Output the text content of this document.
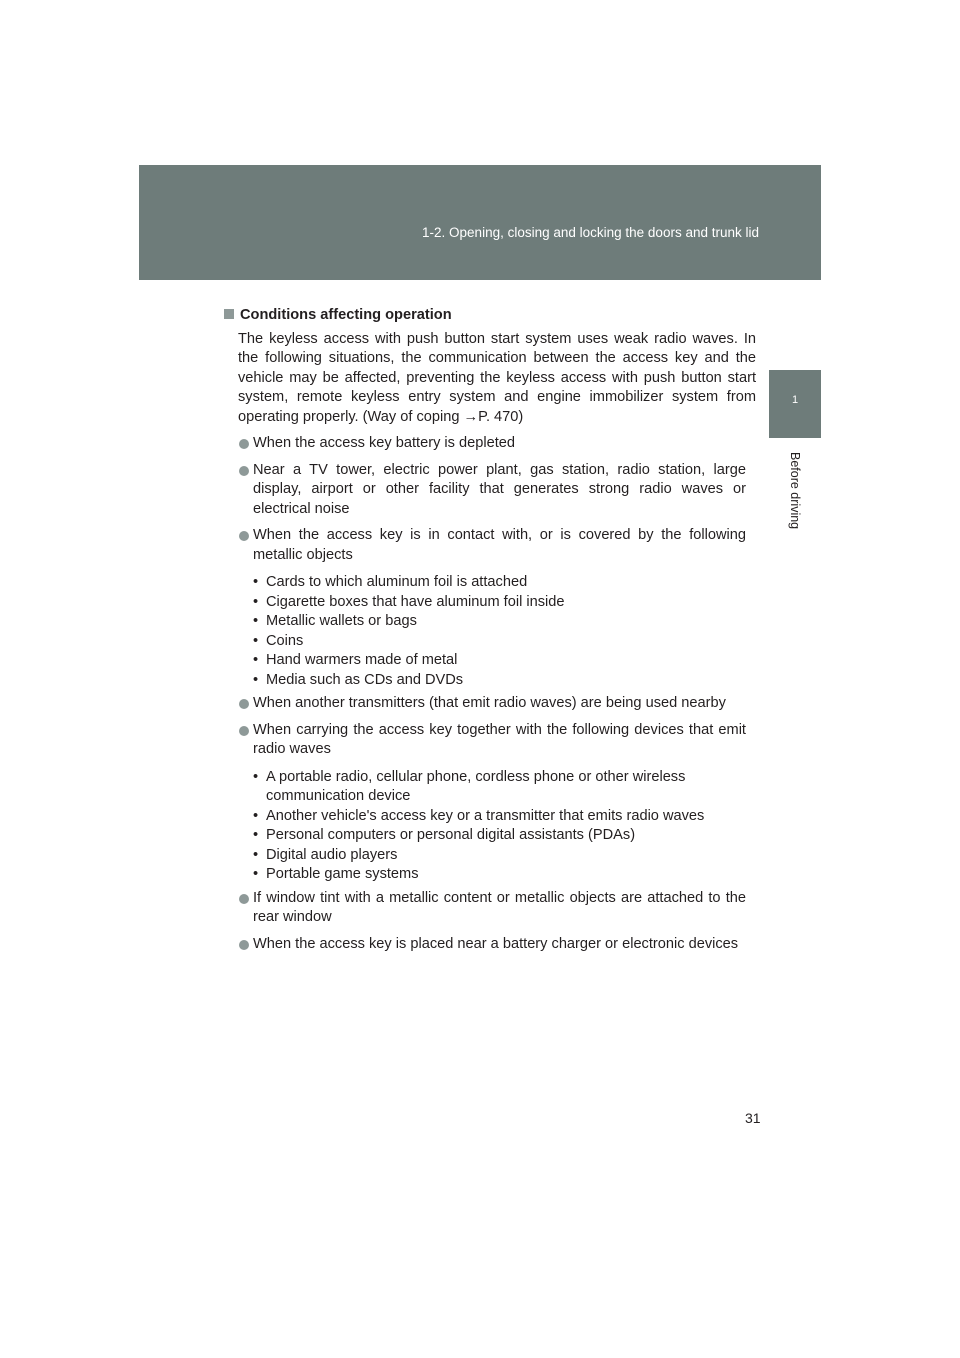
1-2. Opening, closing and locking the doors and trunk lid
1
Before driving
Conditions affecting operation

The keyless access with push button start system uses weak radio waves. In the following situations, the communication between the access key and the vehicle may be affected, preventing the keyless access with push button start system, remote keyless entry system and engine immobilizer system from operating properly. (Way of coping →P. 470)

When the access key battery is depleted
Near a TV tower, electric power plant, gas station, radio station, large display, airport or other facility that generates strong radio waves or electrical noise
When the access key is in contact with, or is covered by the following metallic objects
• Cards to which aluminum foil is attached
• Cigarette boxes that have aluminum foil inside
• Metallic wallets or bags
• Coins
• Hand warmers made of metal
• Media such as CDs and DVDs
When another transmitters (that emit radio waves) are being used nearby
When carrying the access key together with the following devices that emit radio waves
• A portable radio, cellular phone, cordless phone or other wireless communication device
• Another vehicle's access key or a transmitter that emits radio waves
• Personal computers or personal digital assistants (PDAs)
• Digital audio players
• Portable game systems
If window tint with a metallic content or metallic objects are attached to the rear window
When the access key is placed near a battery charger or electronic devices
31
